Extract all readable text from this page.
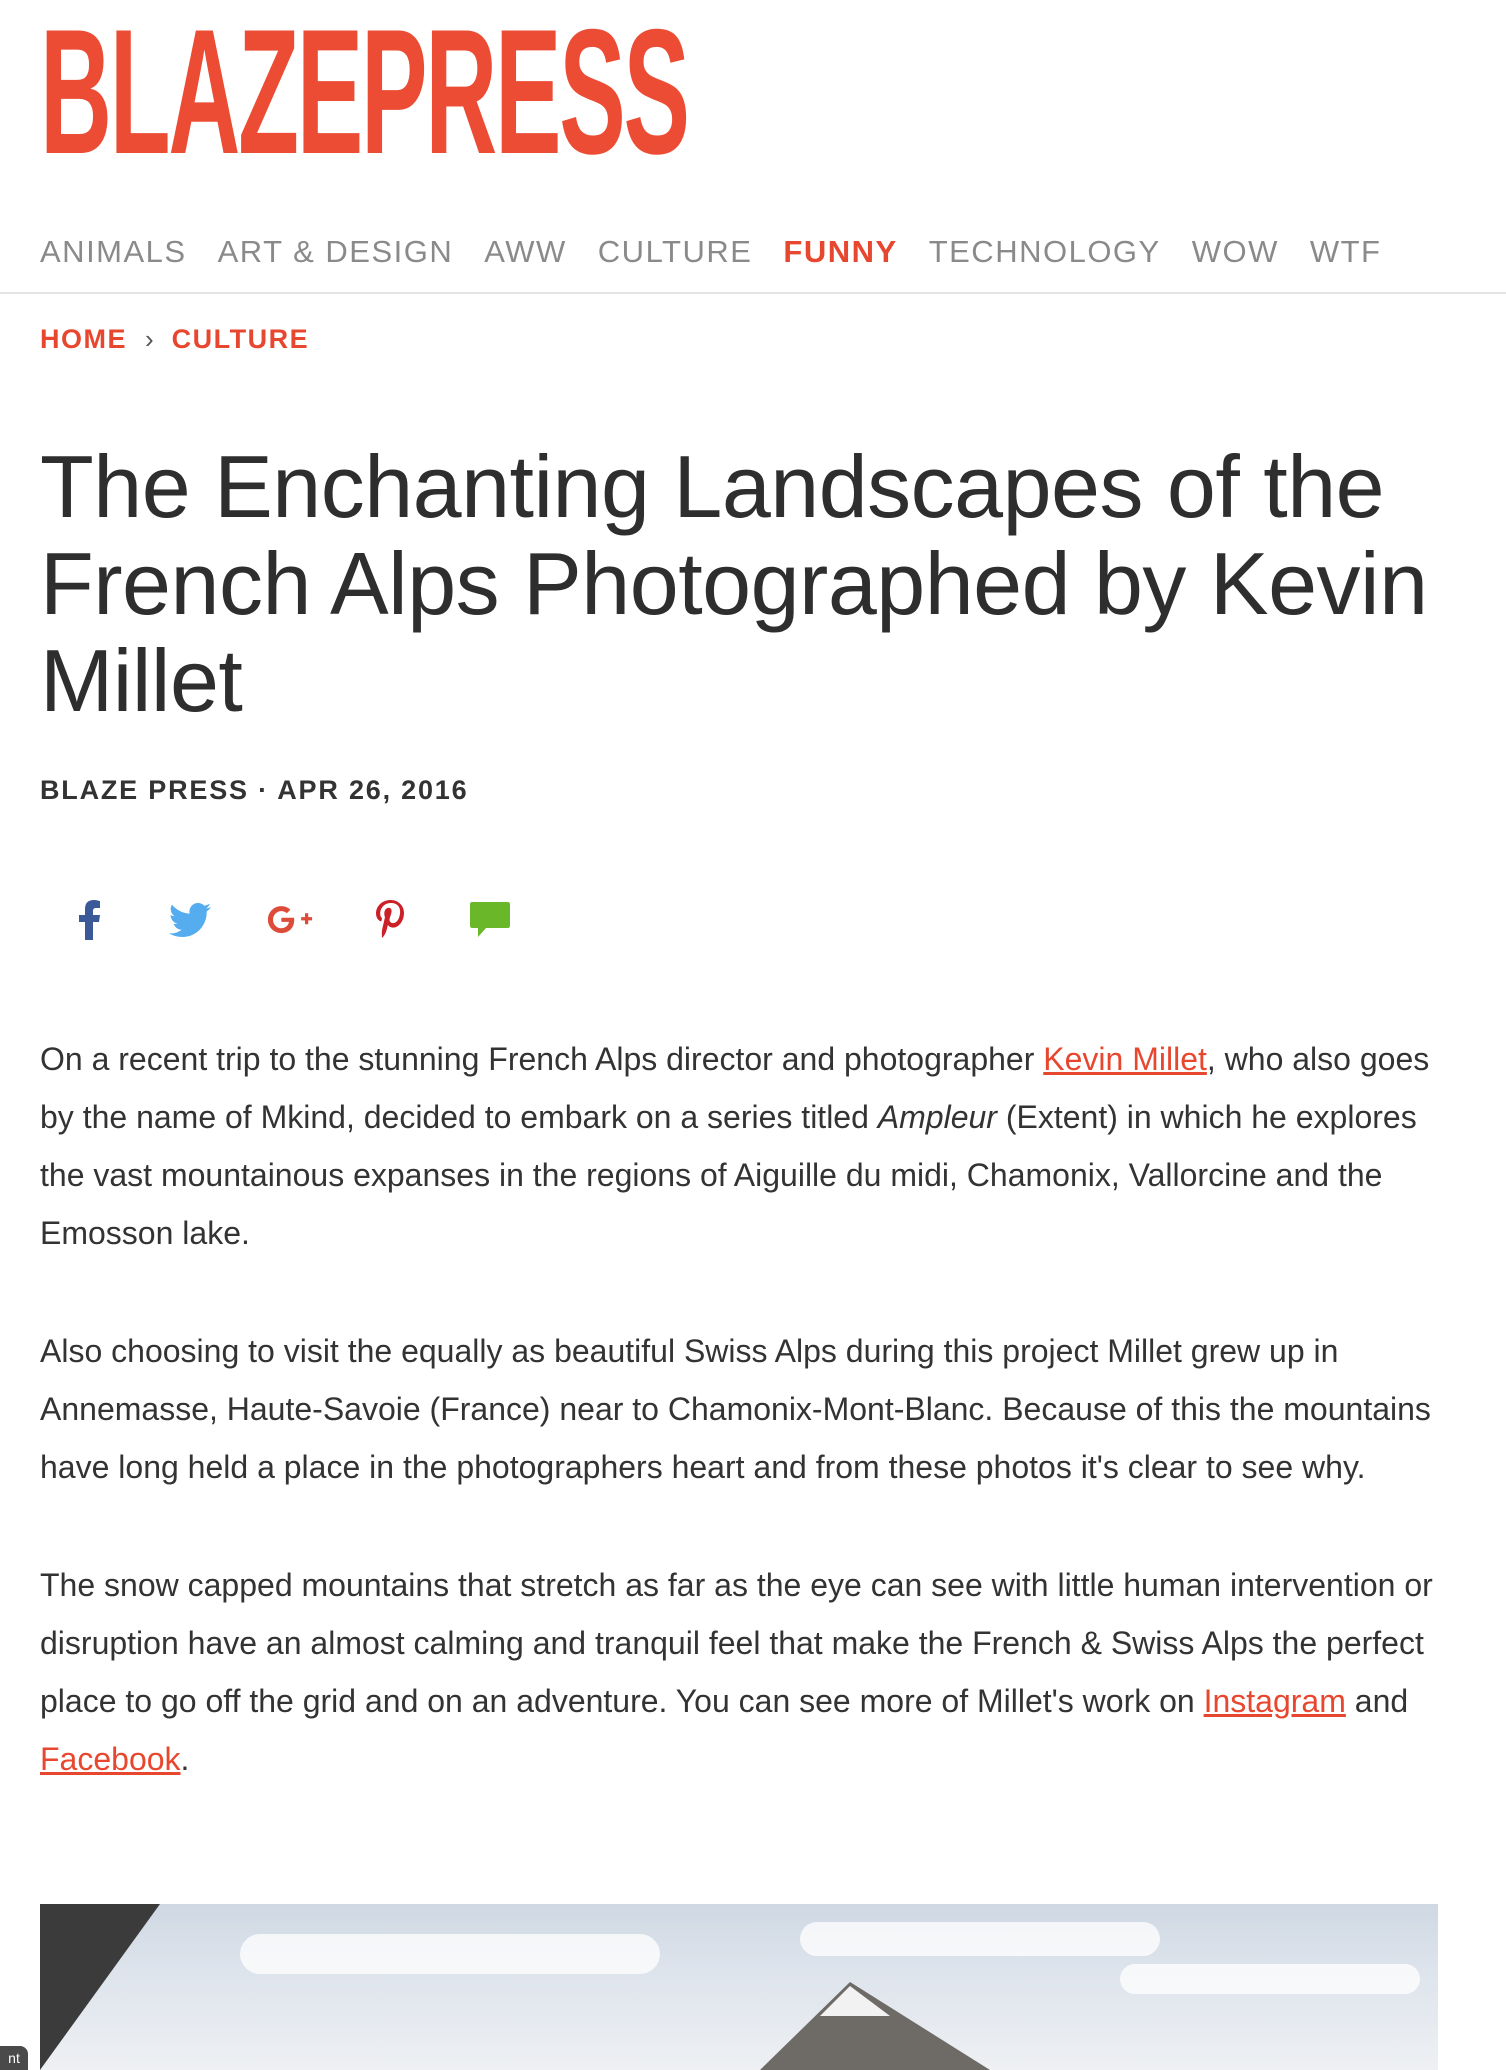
BLAZEPRESS
ANIMALS ART & DESIGN AWW CULTURE FUNNY TECHNOLOGY WOW WTF
HOME › CULTURE
The Enchanting Landscapes of the French Alps Photographed by Kevin Millet
BLAZE PRESS · APR 26, 2016

On a recent trip to the stunning French Alps director and photographer Kevin Millet, who also goes by the name of Mkind, decided to embark on a series titled Ampleur (Extent) in which he explores the vast mountainous expanses in the regions of Aiguille du midi, Chamonix, Vallorcine and the Emosson lake.

Also choosing to visit the equally as beautiful Swiss Alps during this project Millet grew up in Annemasse, Haute-Savoie (France) near to Chamonix-Mont-Blanc. Because of this the mountains have long held a place in the photographers heart and from these photos it's clear to see why.

The snow capped mountains that stretch as far as the eye can see with little human intervention or disruption have an almost calming and tranquil feel that make the French & Swiss Alps the perfect place to go off the grid and on an adventure. You can see more of Millet's work on Instagram and Facebook.

nt
